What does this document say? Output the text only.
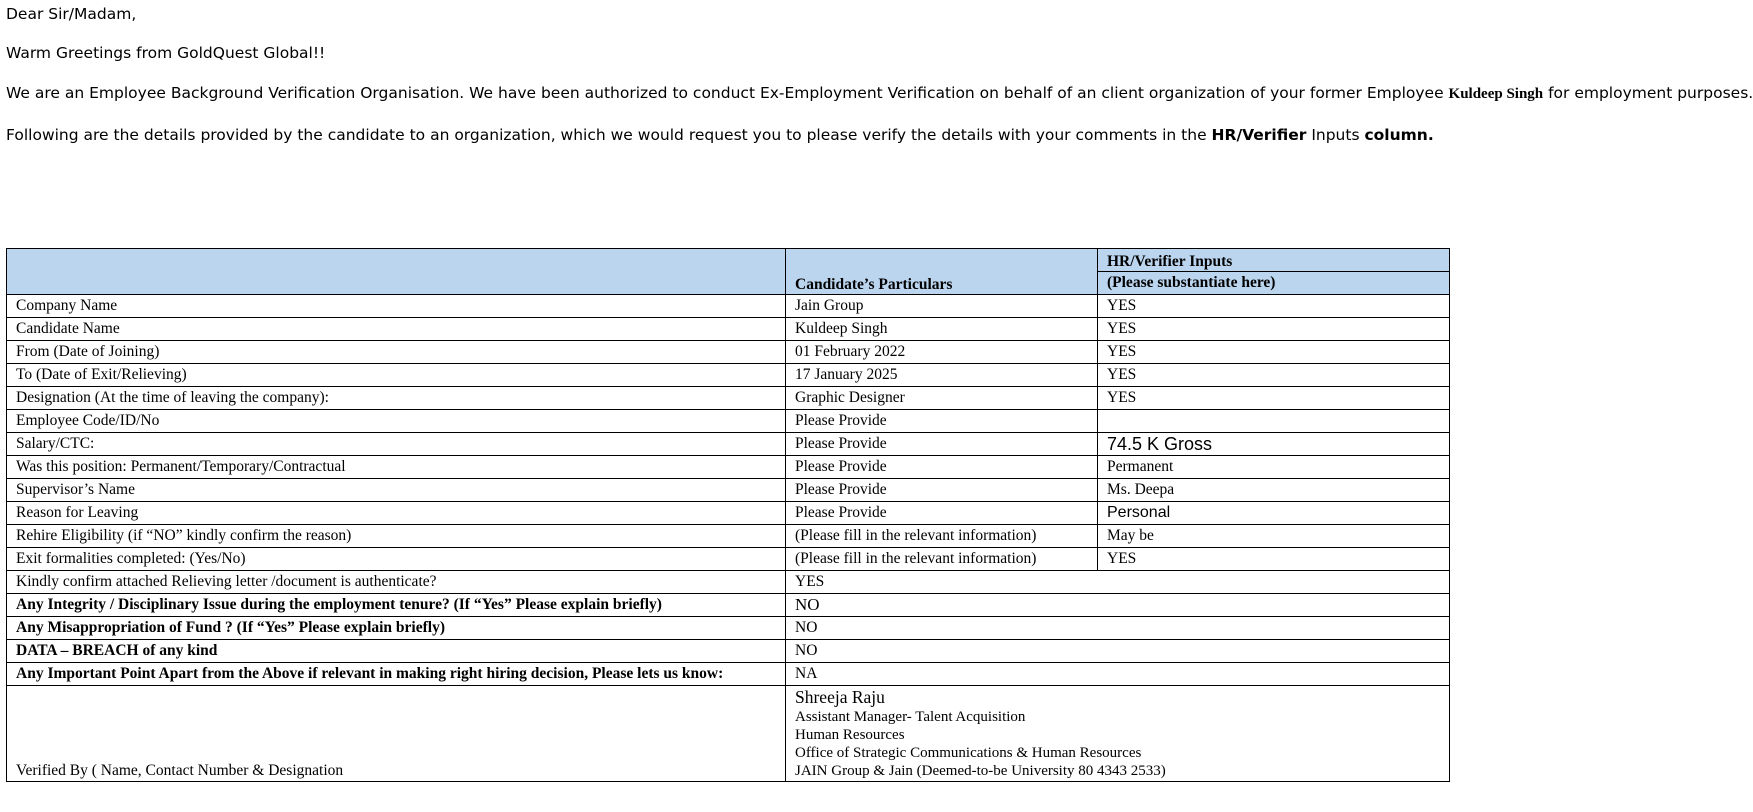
Dear Sir/Madam,

Warm Greetings from GoldQuest Global!!

We are an Employee Background Verification Organisation. We have been authorized to conduct Ex-Employment Verification on behalf of an client organization of your former Employee Kuldeep Singh for employment purposes.

Following are the details provided by the candidate to an organization, which we would request you to please verify the details with your comments in the HR/Verifier Inputs column.

	Candidate’s Particulars	HR/Verifier Inputs
		(Please substantiate here)
Company Name	Jain Group	YES
Candidate Name	Kuldeep Singh	YES
From (Date of Joining)	01 February 2022	YES
To (Date of Exit/Relieving)	17 January 2025	YES
Designation (At the time of leaving the company):	Graphic Designer	YES
Employee Code/ID/No	Please Provide	
Salary/CTC:	Please Provide	74.5 K Gross
Was this position: Permanent/Temporary/Contractual	Please Provide	Permanent
Supervisor’s Name	Please Provide	Ms. Deepa
Reason for Leaving	Please Provide	Personal
Rehire Eligibility (if “NO” kindly confirm the reason)	(Please fill in the relevant information)	May be
Exit formalities completed: (Yes/No)	(Please fill in the relevant information)	YES
Kindly confirm attached Relieving letter /document is authenticate?	YES	
Any Integrity / Disciplinary Issue during the employment tenure? (If “Yes” Please explain briefly)	NO	
Any Misappropriation of Fund ? (If “Yes” Please explain briefly)	NO	
DATA – BREACH of any kind	NO	
Any Important Point Apart from the Above if relevant in making right hiring decision, Please lets us know:	NA	
Verified By ( Name, Contact Number & Designation	Shreeja Raju
Assistant Manager- Talent Acquisition
Human Resources
Office of Strategic Communications & Human Resources
JAIN Group & Jain (Deemed-to-be University 80 4343 2533)	
